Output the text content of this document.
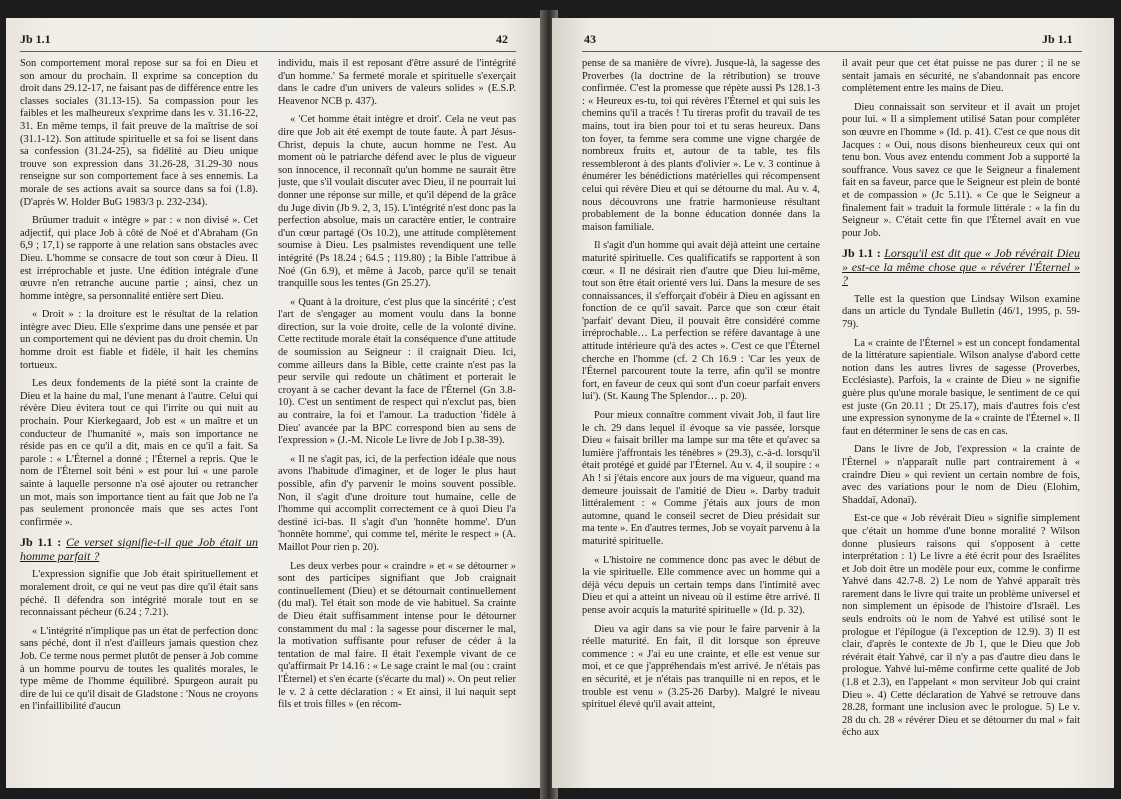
Jb 1.1	42

Son comportement moral repose sur sa foi en Dieu et son amour du prochain. Il exprime sa conception du droit dans 29.12-17, ne faisant pas de différence entre les classes sociales (31.13-15). Sa compassion pour les faibles et les malheureux s'exprime dans les v. 31.16-22, 31. En même temps, il fait preuve de la maîtrise de soi (31.1-12). Son attitude spirituelle et sa foi se lisent dans sa confession (31.24-25), sa fidélité au Dieu unique trouve son expression dans 31.26-28, 31.29-30 nous renseigne sur son comportement face à ses ennemis. La morale de ses actions avait sa source dans sa foi (1.8). (D'après W. Holder BuG 1983/3 p. 232-234).

Brüumer traduit « intègre » par : « non divisé ». Cet adjectif, qui place Job à côté de Noé et d'Abraham (Gn 6,9 ; 17,1) se rapporte à une relation sans obstacles avec Dieu. L'homme se consacre de tout son cœur à Dieu. Il est irréprochable et juste. Une édition intégrale d'une œuvre n'en retranche aucune partie ; ainsi, chez un homme intègre, sa personnalité entière sert Dieu.

« Droit » : la droiture est le résultat de la relation intègre avec Dieu. Elle s'exprime dans une pensée et par un comportement qui ne dévient pas du droit chemin. Un homme droit est fiable et fidèle, il hait les chemins tortueux.

Les deux fondements de la piété sont la crainte de Dieu et la haine du mal, l'une menant à l'autre. Celui qui révère Dieu évitera tout ce qui l'irrite ou qui nuit au prochain. Pour Kierkegaard, Job est « un maître et un conducteur de l'humanité », mais son importance ne réside pas en ce qu'il a dit, mais en ce qu'il a fait. Sa parole : « L'Éternel a donné ; l'Éternel a repris. Que le nom de l'Éternel soit béni » est pour lui « une parole sainte à laquelle personne n'a osé ajouter ou retrancher un mot, mais son importance tient au fait que Job ne l'a pas seulement prononcée mais que ses actes l'ont confirmée ».

Jb 1.1 : Ce verset signifie-t-il que Job était un homme parfait ?

L'expression signifie que Job était spirituellement et moralement droit, ce qui ne veut pas dire qu'il était sans péché. Il défendra son intégrité morale tout en se reconnaissant pécheur (6.24 ; 7.21).

« L'intégrité n'implique pas un état de perfection donc sans péché, dont il n'est d'ailleurs jamais question chez Job. Ce terme nous permet plutôt de penser à Job comme à un homme pourvu de toutes les qualités morales, le type même de l'homme équilibré. Spurgeon aurait pu dire de lui ce qu'il disait de Gladstone : 'Nous ne croyons en l'infaillibilité d'aucun

individu, mais il est reposant d'être assuré de l'intégrité d'un homme.' Sa fermeté morale et spirituelle s'exerçait dans le cadre d'un univers de valeurs solides » (E.S.P. Heavenor NCB p. 437).

« 'Cet homme était intègre et droit'. Cela ne veut pas dire que Job ait été exempt de toute faute. À part Jésus-Christ, depuis la chute, aucun homme ne l'est. Au moment où le patriarche défend avec le plus de vigueur son innocence, il reconnaît qu'un homme ne saurait être juste, que s'il voulait discuter avec Dieu, il ne pourrait lui donner une réponse sur mille, et qu'il dépend de la grâce du Juge divin (Jb 9. 2, 3, 15). L'intégrité n'est donc pas la perfection absolue, mais un caractère entier, le contraire d'un cœur partagé (Os 10.2), une attitude complètement soumise à Dieu. Les psalmistes revendiquent une telle intégrité (Ps 18.24 ; 64.5 ; 119.80) ; la Bible l'attribue à Noé (Gn 6.9), et même à Jacob, parce qu'il se tenait tranquille sous les tentes (Gn 25.27).

« Quant à la droiture, c'est plus que la sincérité ; c'est l'art de s'engager au moment voulu dans la bonne direction, sur la voie droite, celle de la volonté divine. Cette rectitude morale était la conséquence d'une attitude de soumission au Seigneur : il craignait Dieu. Ici, comme ailleurs dans la Bible, cette crainte n'est pas la peur servile qui redoute un châtiment et porterait le croyant à se cacher devant la face de l'Éternel (Gn 3.8-10). C'est un sentiment de respect qui n'exclut pas, bien au contraire, la foi et l'amour. La traduction 'fidèle à Dieu' avancée par la BPC correspond bien au sens de l'expression » (J.-M. Nicole Le livre de Job I p.38-39).

« Il ne s'agit pas, ici, de la perfection idéale que nous avons l'habitude d'imaginer, et de loger le plus haut possible, afin d'y parvenir le moins souvent possible. Non, il s'agit d'une droiture tout humaine, celle de l'homme qui accomplit correctement ce à quoi Dieu l'a destiné ici-bas. Il s'agit d'un 'honnête homme'. D'un 'honnête homme', qui comme tel, mérite le respect » (A. Maillot Pour rien p. 20).

Les deux verbes pour « craindre » et « se détourner » sont des participes signifiant que Job craignait continuellement (Dieu) et se détournait continuellement (du mal). Tel était son mode de vie habituel. Sa crainte de Dieu était suffisamment intense pour le détourner constamment du mal : la sagesse pour discerner le mal, la motivation suffisante pour refuser de céder à la tentation de mal faire. Il était l'exemple vivant de ce qu'affirmait Pr 14.16 : « Le sage craint le mal (ou : craint l'Éternel) et s'en écarte (s'écarte du mal) ». On peut relier le v. 2 à cette déclaration : « Et ainsi, il lui naquit sept fils et trois filles » (en récom-

43	Jb 1.1

pense de sa manière de vivre). Jusque-là, la sagesse des Proverbes (la doctrine de la rétribution) se trouve confirmée. C'est la promesse que répète aussi Ps 128.1-3 : « Heureux es-tu, toi qui révères l'Éternel et qui suis les chemins qu'il a tracés ! Tu tireras profit du travail de tes mains, tout ira bien pour toi et tu seras heureux. Dans ton foyer, ta femme sera comme une vigne chargée de nombreux fruits et, autour de ta table, tes fils ressembleront à des plants d'olivier ». Le v. 3 continue à énumérer les bénédictions matérielles qui récompensent celui qui révère Dieu et qui se détourne du mal. Au v. 4, nous découvrons une fratrie harmonieuse résultant probablement de la bonne éducation donnée dans la maison familiale.

Il s'agit d'un homme qui avait déjà atteint une certaine maturité spirituelle. Ces qualificatifs se rapportent à son cœur. « Il ne désirait rien d'autre que Dieu lui-même, tout son être était orienté vers lui. Dans la mesure de ses connaissances, il s'efforçait d'obéir à Dieu en agissant en fonction de ce qu'il savait. Parce que son cœur était 'parfait' devant Dieu, il pouvait être considéré comme irréprochable… La perfection se réfère davantage à une attitude intérieure qu'à des actes ». C'est ce que l'Éternel cherche en l'homme (cf. 2 Ch 16.9 : 'Car les yeux de l'Éternel parcourent toute la terre, afin qu'il se montre fort, en faveur de ceux qui sont d'un coeur parfait envers lui'). (St. Kaung The Splendor… p. 20).

Pour mieux connaître comment vivait Job, il faut lire le ch. 29 dans lequel il évoque sa vie passée, lorsque Dieu « faisait briller ma lampe sur ma tête et qu'avec sa lumière j'affrontais les ténèbres » (29.3), c.-à-d. lorsqu'il était protégé et guidé par l'Éternel. Au v. 4, il soupire : « Ah ! si j'étais encore aux jours de ma vigueur, quand ma demeure jouissait de l'amitié de Dieu ». Darby traduit littéralement : « Comme j'étais aux jours de mon automne, quand le conseil secret de Dieu présidait sur ma tente ». En d'autres termes, Job se voyait parvenu à la maturité spirituelle.

« L'histoire ne commence donc pas avec le début de la vie spirituelle. Elle commence avec un homme qui a déjà vécu depuis un certain temps dans l'intimité avec Dieu et qui a atteint un niveau où il estime être arrivé. Il pense avoir acquis la maturité spirituelle » (Id. p. 32).

Dieu va agir dans sa vie pour le faire parvenir à la réelle maturité. En fait, il dit lorsque son épreuve commence : « J'ai eu une crainte, et elle est venue sur moi, et ce que j'appréhendais m'est arrivé. Je n'étais pas en sécurité, et je n'étais pas tranquille ni en repos, et le trouble est venu » (3.25-26 Darby). Malgré le niveau spirituel élevé qu'il avait atteint,

il avait peur que cet état puisse ne pas durer ; il ne se sentait jamais en sécurité, ne s'abandonnait pas encore complètement entre les mains de Dieu.

Dieu connaissait son serviteur et il avait un projet pour lui. « Il a simplement utilisé Satan pour compléter son œuvre en l'homme » (Id. p. 41). C'est ce que nous dit Jacques : « Oui, nous disons bienheureux ceux qui ont tenu bon. Vous avez entendu comment Job a supporté la souffrance. Vous savez ce que le Seigneur a finalement fait en sa faveur, parce que le Seigneur est plein de bonté et de compassion » (Jc 5.11). « Ce que le Seigneur a finalement fait » traduit la formule littérale : « la fin du Seigneur ». C'était cette fin que l'Éternel avait en vue pour Job.

Jb 1.1 : Lorsqu'il est dit que « Job révérait Dieu » est-ce la même chose que « révérer l'Éternel » ?

Telle est la question que Lindsay Wilson examine dans un article du Tyndale Bulletin (46/1, 1995, p. 59-79).

La « crainte de l'Éternel » est un concept fondamental de la littérature sapientiale. Wilson analyse d'abord cette notion dans les autres livres de sagesse (Proverbes, Ecclésiaste). Parfois, la « crainte de Dieu » ne signifie guère plus qu'une morale basique, le sentiment de ce qui est juste (Gn 20.11 ; Dt 25.17), mais d'autres fois c'est une expression synonyme de la « crainte de l'Éternel ». Il faut en déterminer le sens de cas en cas.

Dans le livre de Job, l'expression « la crainte de l'Éternel » n'apparaît nulle part contrairement à « craindre Dieu » qui revient un certain nombre de fois, avec des variations pour le nom de Dieu (Elohim, Shaddaï, Adonaï).

Est-ce que « Job révérait Dieu » signifie simplement que c'était un homme d'une bonne moralité ? Wilson donne plusieurs raisons qui s'opposent à cette interprétation : 1) Le livre a été écrit pour des Israélites et Job doit être un modèle pour eux, comme le confirme Yahvé dans 42.7-8. 2) Le nom de Yahvé apparaît très rarement dans le livre qui traite un problème universel et non simplement un épisode de l'histoire d'Israël. Les seuls endroits où le nom de Yahvé est utilisé sont le prologue et l'épilogue (à l'exception de 12.9). 3) Il est clair, d'après le contexte de Jb 1, que le Dieu que Job révérait était Yahvé, car il n'y a pas d'autre dieu dans le prologue. Yahvé lui-même confirme cette qualité de Job (1.8 et 2.3), en l'appelant « mon serviteur Job qui craint Dieu ». 4) Cette déclaration de Yahvé se retrouve dans 28.28, formant une inclusion avec le prologue. 5) Le v. 28 du ch. 28 « révérer Dieu et se détourner du mal » fait écho aux
